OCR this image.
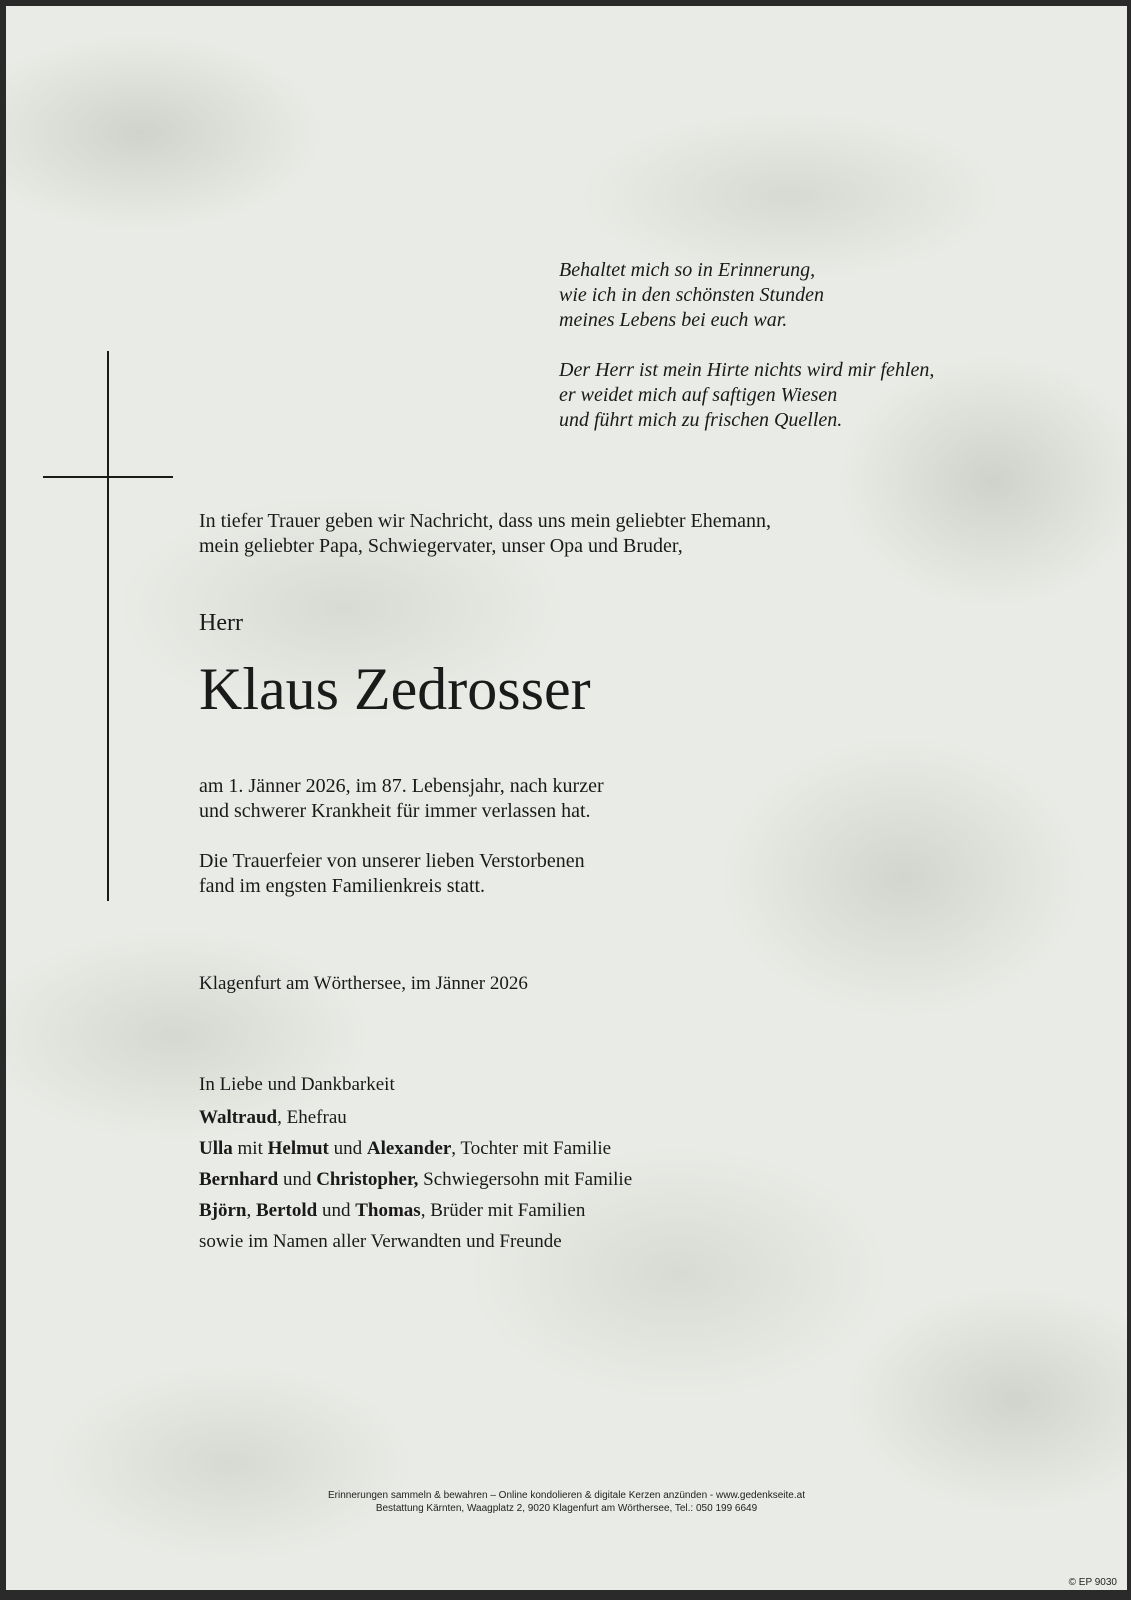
Behaltet mich so in Erinnerung,
wie ich in den schönsten Stunden
meines Lebens bei euch war.
Der Herr ist mein Hirte nichts wird mir fehlen,
er weidet mich auf saftigen Wiesen
und führt mich zu frischen Quellen.
In tiefer Trauer geben wir Nachricht, dass uns mein geliebter Ehemann,
mein geliebter Papa, Schwiegervater, unser Opa und Bruder,
Herr
Klaus Zedrosser
am 1. Jänner 2026, im 87. Lebensjahr, nach kurzer
und schwerer Krankheit für immer verlassen hat.
Die Trauerfeier von unserer lieben Verstorbenen
fand im engsten Familienkreis statt.
Klagenfurt am Wörthersee, im Jänner 2026
In Liebe und Dankbarkeit
Waltraud, Ehefrau
Ulla mit Helmut und Alexander, Tochter mit Familie
Bernhard und Christopher, Schwiegersohn mit Familie
Björn, Bertold und Thomas, Brüder mit Familien
sowie im Namen aller Verwandten und Freunde
Erinnerungen sammeln & bewahren – Online kondolieren & digitale Kerzen anzünden - www.gedenkseite.at
Bestattung Kärnten, Waagplatz 2, 9020 Klagenfurt am Wörthersee, Tel.: 050 199 6649
© EP 9030
